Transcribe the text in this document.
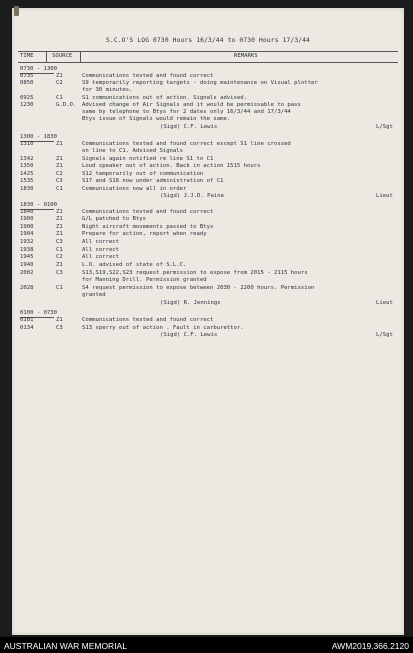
S.C.O'S LOG 0730 Hours 16/3/44 to 0730 Hours 17/3/44
TIME	SOURCE	REMARKS
0730 - 1300
0735	Z1	Communications tested and found correct
0850	C2	S9 temporarily reporting targets - doing maintenance on Visual plotter
for 30 minutes.
0925	C1	S1 communications out of action. Signals advised.
1230	G.D.O. Advised change of Air Signals and it would be permissable to pass
same by telephone to Btys for 2 dates only 16/3/44 and 17/3/44
Btys issue of Signals would remain the same.
(Sigd) C.F. Lewis	L/Sgt
1300 - 1830
1310	Z1	Communications tested and found correct except S1 line crossed
on line to C1. Advised Signals
1342	Z1	Signals again notified re line S1 to C1
1350	Z1	Loud speaker out of action. Back in action 1515 hours
1425	C2	S12 temporarily out of communication
1535	C3	S17 and S18 now under administration of C1
1830	C1	Communications now all in order
(Sigd) J.J.D. Paine	Lieut
1830 - 0100
1840	Z1	Communications tested and found correct
1900	Z1	G/L patched to Btys
1900	Z1	Night aircraft movements passed to Btys
1904	Z1	Prepare for action, report when ready
1932	C3	All correct
1938	C1	All correct
1945	C2	All correct
1940	Z1	L.O. advised of state of S.L.C.
2002	C3	S13,S19,S22,S23 request permission to expose from 2015 - 2115 hours
for Manning Drill. Permission granted
2028	C1	S4 request permission to expose between 2030 - 2200 hours. Permission
granted
(Sigd) R. Jennings	Lieut
0100 - 0730
0101	Z1	Communications tested and found correct
0134	C3	S13 sperry out of action . Fault in carburettor.
(Sigd) C.F. Lewis	L/Sgt
AUSTRALIAN WAR MEMORIAL	AWM2019.366.2120
